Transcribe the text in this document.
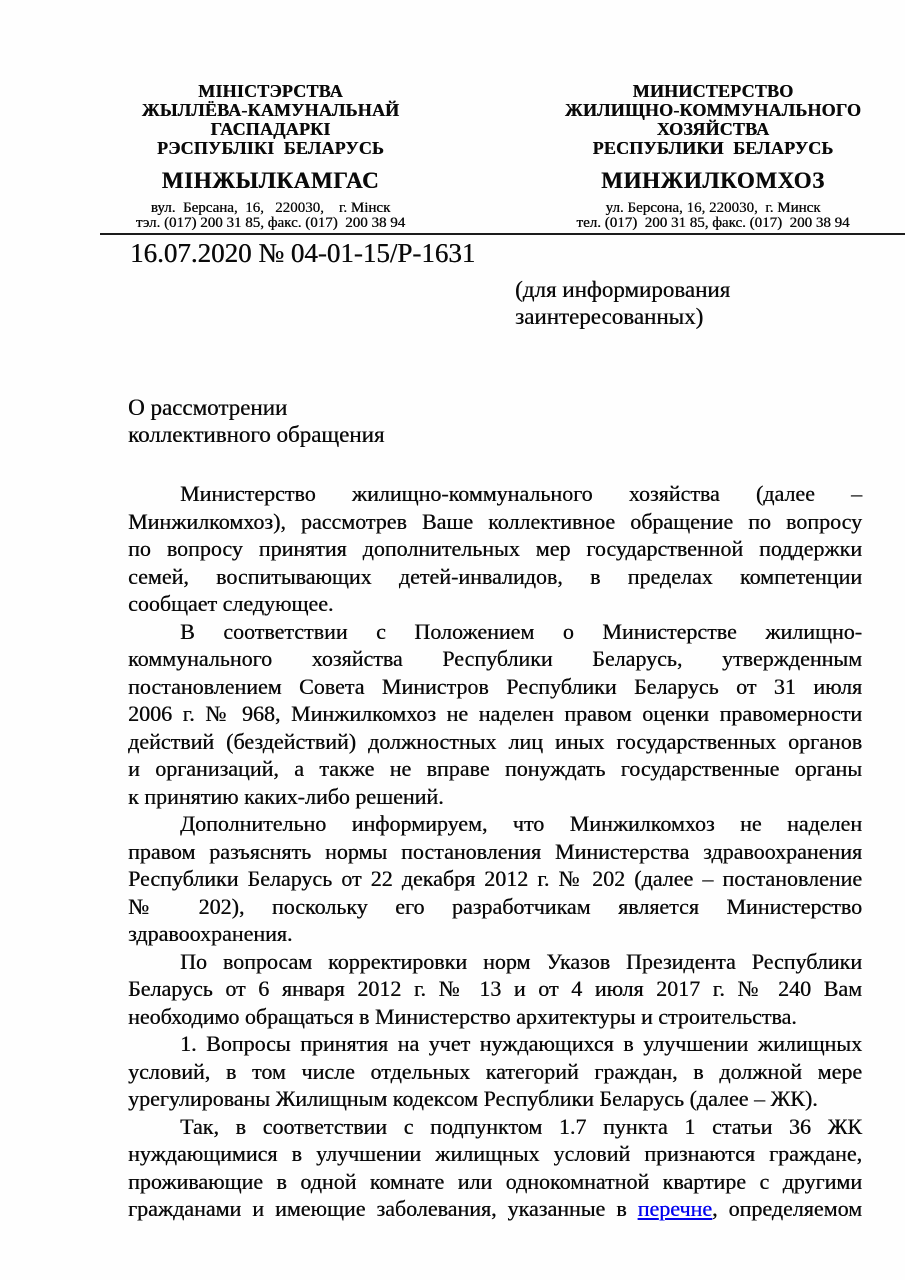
МІНІСТЭРСТВА
ЖЫЛЛЁВА-КАМУНАЛЬНАЙ
ГАСПАДАРКІ
РЭСПУБЛІКІ  БЕЛАРУСЬ
МІНЖЫЛКАМГАС
вул.  Берсана,  16,   220030,    г. Мінск
тэл. (017) 200 31 85, факс. (017)  200 38 94
МИНИСТЕРСТВО
ЖИЛИЩНО-КОММУНАЛЬНОГО
ХОЗЯЙСТВА
РЕСПУБЛИКИ  БЕЛАРУСЬ
МИНЖИЛКОМХОЗ
ул. Берсона, 16, 220030,  г. Минск
тел. (017)  200 31 85, факс. (017)  200 38 94
16.07.2020 № 04-01-15/Р-1631
(для информирования
заинтересованных)
О рассмотрении
коллективного обращения
Министерство жилищно-коммунального хозяйства (далее –
Минжилкомхоз), рассмотрев Ваше коллективное обращение по вопросу
по вопросу принятия дополнительных мер государственной поддержки
семей, воспитывающих детей-инвалидов, в пределах компетенции
сообщает следующее.
В соответствии с Положением о Министерстве жилищно-
коммунального хозяйства Республики Беларусь, утвержденным
постановлением Совета Министров Республики Беларусь от 31 июля
2006 г. № 968, Минжилкомхоз не наделен правом оценки правомерности
действий (бездействий) должностных лиц иных государственных органов
и организаций, а также не вправе понуждать государственные органы
к принятию каких-либо решений.
Дополнительно информируем, что Минжилкомхоз не наделен
правом разъяснять нормы постановления Министерства здравоохранения
Республики Беларусь от 22 декабря 2012 г. № 202 (далее – постановление
№ 202), поскольку его разработчикам является Министерство
здравоохранения.
По вопросам корректировки норм Указов Президента Республики
Беларусь от 6 января 2012 г. № 13 и от 4 июля 2017 г. № 240 Вам
необходимо обращаться в Министерство архитектуры и строительства.
1. Вопросы принятия на учет нуждающихся в улучшении жилищных
условий, в том числе отдельных категорий граждан, в должной мере
урегулированы Жилищным кодексом Республики Беларусь (далее – ЖК).
Так, в соответствии с подпунктом 1.7 пункта 1 статьи 36 ЖК
нуждающимися в улучшении жилищных условий признаются граждане,
проживающие в одной комнате или однокомнатной квартире с другими
гражданами и имеющие заболевания, указанные в перечне, определяемом
